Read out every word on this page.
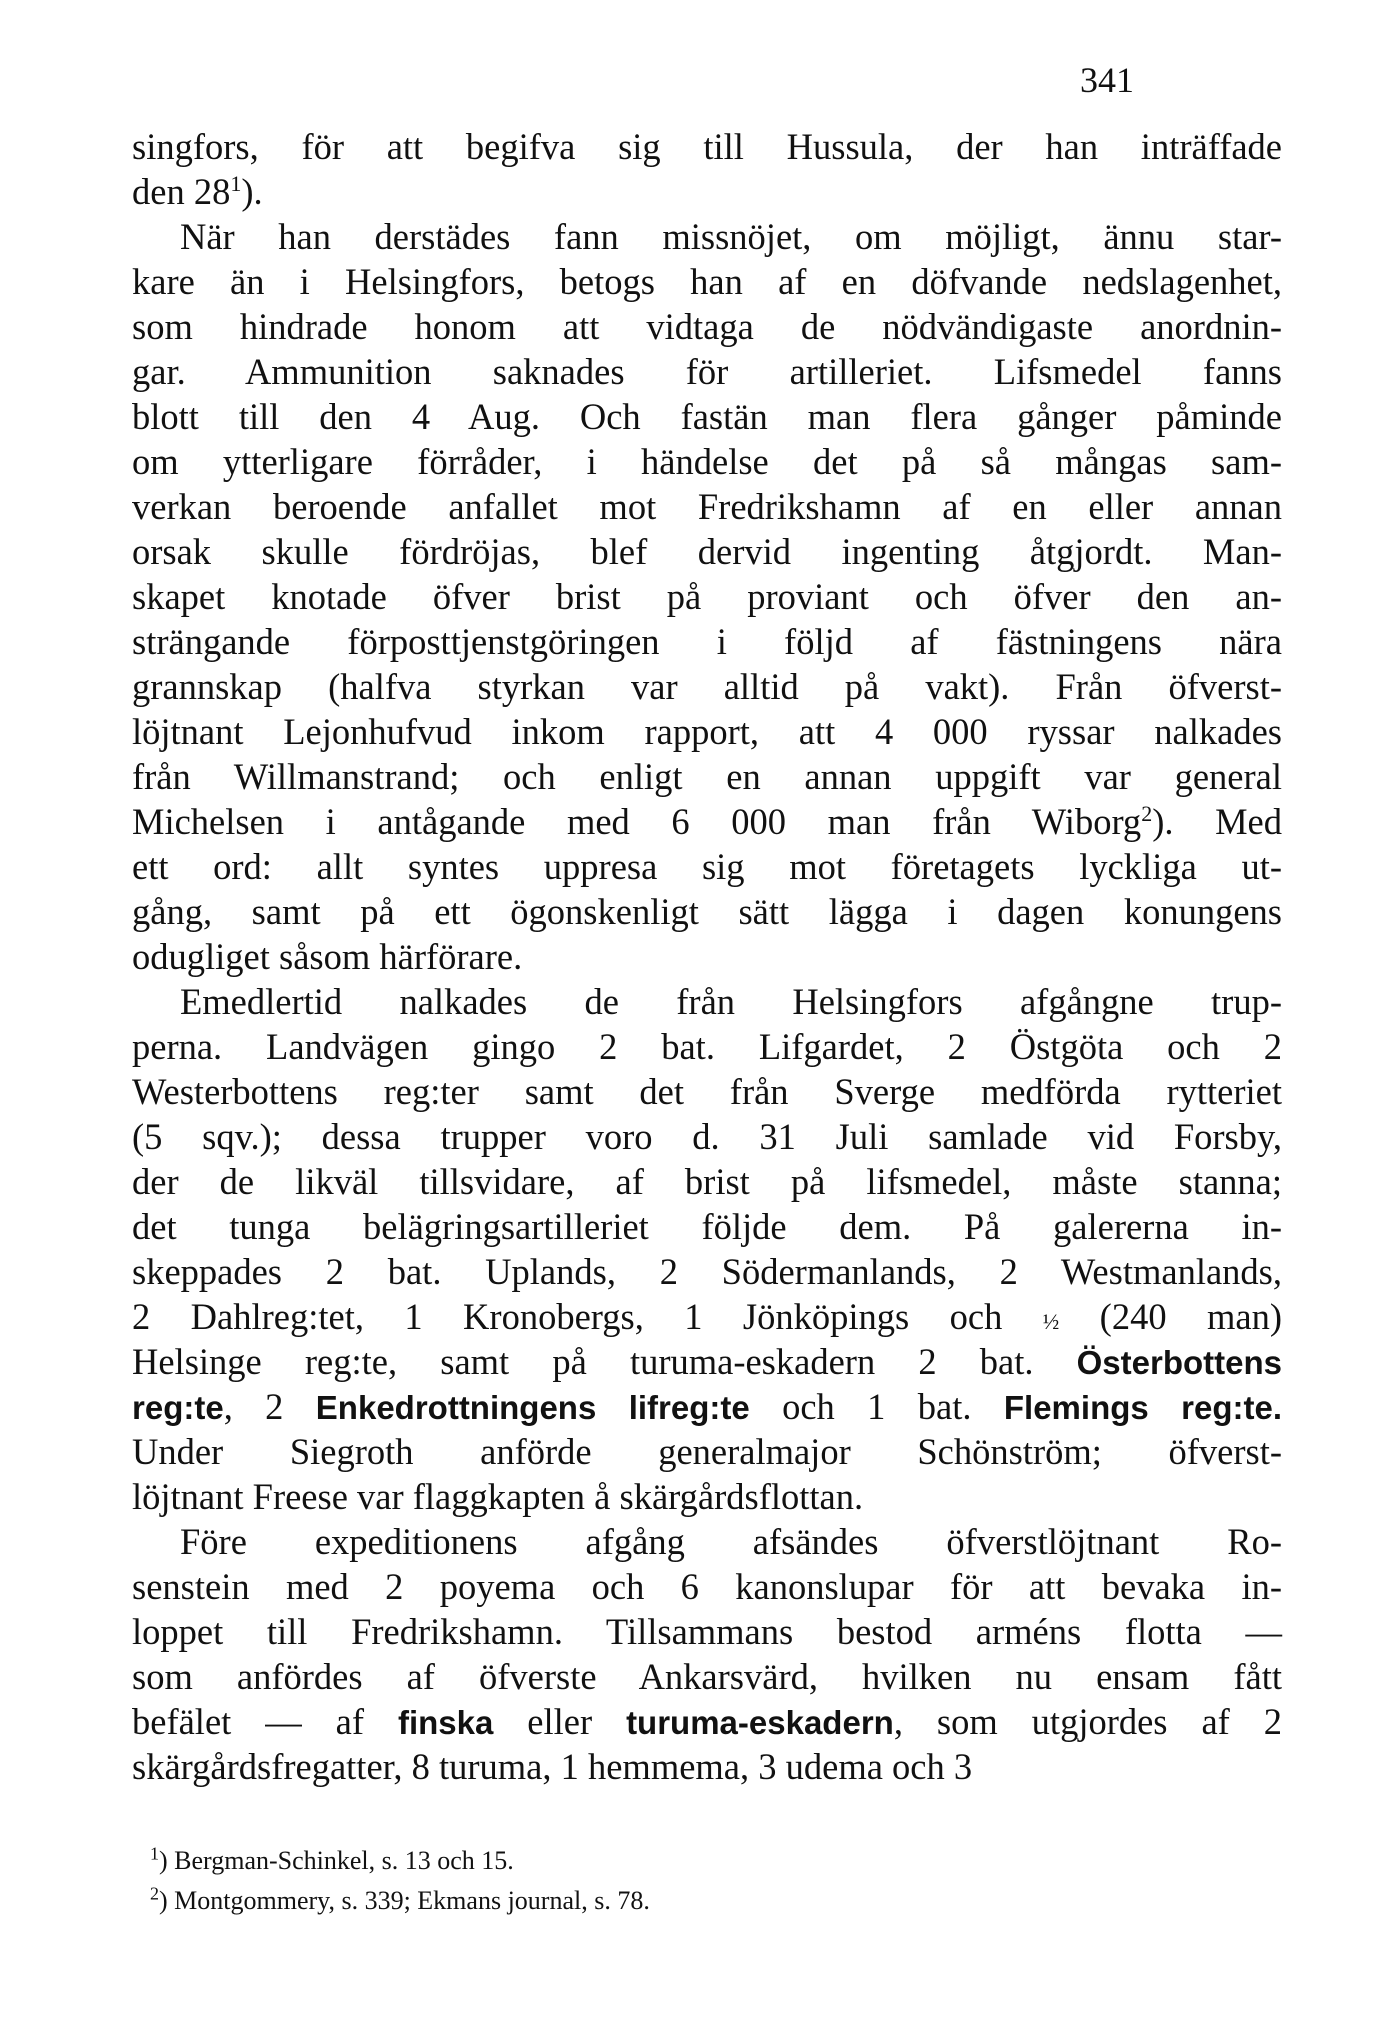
341
singfors, för att begifva sig till Hussula, der han inträffade
den $28^1$).
När han derstädes fann missnöjet, om möjligt, ännu star-
kare än i Helsingfors, betogs han af en döfvande nedslagenhet,
som hindrade honom att vidtaga de nödvändigaste anordnin-
gar. Ammunition saknades för artilleriet. Lifsmedel fanns
blott till den 4 Aug. Och fastän man flera gånger påminde
om ytterligare förråder, i händelse det på så mångas sam-
verkan beroende anfallet mot Fredrikshamn af en eller annan
orsak skulle fördröjas, blef dervid ingenting åtgjordt. Man-
skapet knotade öfver brist på proviant och öfver den an-
strängande förposttjenstgöringen i följd af fästningens nära
grannskap (halfva styrkan var alltid på vakt). Från öfverst-
löjtnant Lejonhufvud inkom rapport, att 4 000 ryssar nalkades
från Willmanstrand; och enligt en annan uppgift var general
Michelsen i antågande med 6 000 man från Wiborg$^2$). Med
ett ord: allt syntes uppresa sig mot företagets lyckliga ut-
gång, samt på ett ögonskenligt sätt lägga i dagen konungens
odugliget såsom härförare.
Emedlertid nalkades de från Helsingfors afgångne trup-
perna. Landvägen gingo 2 bat. Lifgardet, 2 Östgöta och 2
Westerbottens reg:ter samt det från Sverge medförda rytteriet
(5 sqv.); dessa trupper voro d. 31 Juli samlade vid Forsby,
der de likväl tillsvidare, af brist på lifsmedel, måste stanna;
det tunga belägringsartilleriet följde dem. På galererna in-
skeppades 2 bat. Uplands, 2 Södermanlands, 2 Westmanlands,
2 Dahlreg:tet, 1 Kronobergs, 1 Jönköpings och ½ (240 man)
Helsinge reg:te, samt på turuma-eskadern 2 bat. Österbottens
reg:te, 2 Enkedrottningens lifreg:te och 1 bat. Flemings reg:te.
Under Siegroth anförde generalmajor Schönström; öfverst-
löjtnant Freese var flaggkapten å skärgårdsflottan.
Före expeditionens afgång afsändes öfverstlöjtnant Ro-
senstein med 2 poyema och 6 kanonslupar för att bevaka in-
loppet till Fredrikshamn. Tillsammans bestod arméns flotta —
som anfördes af öfverste Ankarsvärd, hvilken nu ensam fått
befälet — af finska eller turuma-eskadern, som utgjordes af 2
skärgårdsfregatter, 8 turuma, 1 hemmema, 3 udema och 3
$^1$) Bergman-Schinkel, s. 13 och 15.
$^2$) Montgommery, s. 339; Ekmans journal, s. 78.
